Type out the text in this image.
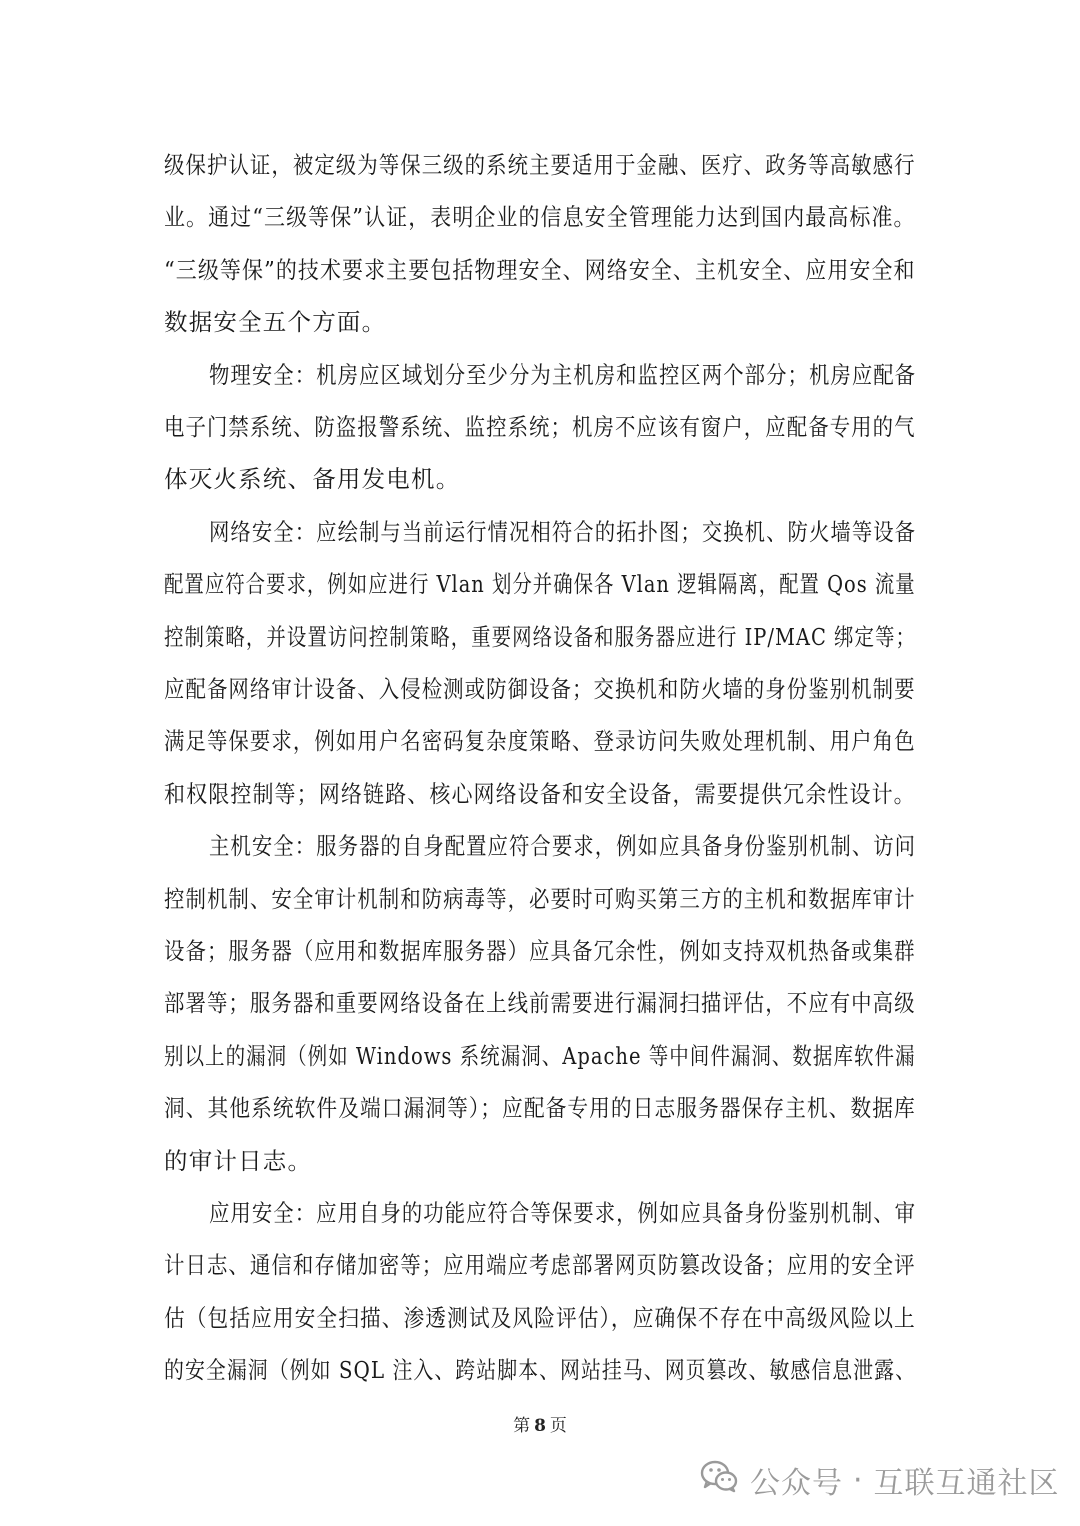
级保护认证，被定级为等保三级的系统主要适用于金融、医疗、政务等高敏感行
业。通过“三级等保”认证，表明企业的信息安全管理能力达到国内最高标准。
“三级等保”的技术要求主要包括物理安全、网络安全、主机安全、应用安全和
数据安全五个方面。
物理安全：机房应区域划分至少分为主机房和监控区两个部分；机房应配备
电子门禁系统、防盗报警系统、监控系统；机房不应该有窗户，应配备专用的气
体灭火系统、备用发电机。
网络安全：应绘制与当前运行情况相符合的拓扑图；交换机、防火墙等设备
配置应符合要求，例如应进行 Vlan 划分并确保各 Vlan 逻辑隔离，配置 Qos 流量
控制策略，并设置访问控制策略，重要网络设备和服务器应进行 IP/MAC 绑定等；
应配备网络审计设备、入侵检测或防御设备；交换机和防火墙的身份鉴别机制要
满足等保要求，例如用户名密码复杂度策略、登录访问失败处理机制、用户角色
和权限控制等；网络链路、核心网络设备和安全设备，需要提供冗余性设计。
主机安全：服务器的自身配置应符合要求，例如应具备身份鉴别机制、访问
控制机制、安全审计机制和防病毒等，必要时可购买第三方的主机和数据库审计
设备；服务器（应用和数据库服务器）应具备冗余性，例如支持双机热备或集群
部署等；服务器和重要网络设备在上线前需要进行漏洞扫描评估，不应有中高级
别以上的漏洞（例如 Windows 系统漏洞、Apache 等中间件漏洞、数据库软件漏
洞、其他系统软件及端口漏洞等）；应配备专用的日志服务器保存主机、数据库
的审计日志。
应用安全：应用自身的功能应符合等保要求，例如应具备身份鉴别机制、审
计日志、通信和存储加密等；应用端应考虑部署网页防篡改设备；应用的安全评
估（包括应用安全扫描、渗透测试及风险评估），应确保不存在中高级风险以上
的安全漏洞（例如 SQL 注入、跨站脚本、网站挂马、网页篡改、敏感信息泄露、
第 8 页
公众号 · 互联互通社区
